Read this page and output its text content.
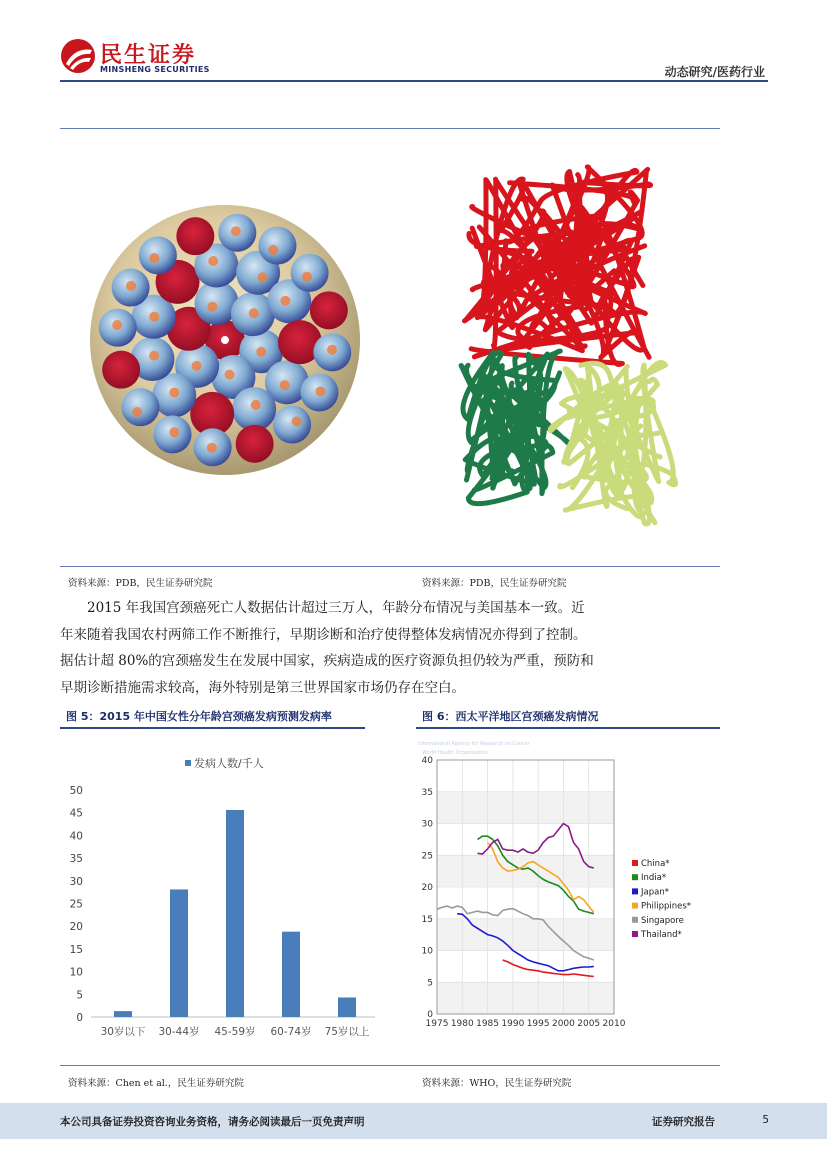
民生证券
MINSHENG SECURITIES	动态研究/医药行业
资料来源：PDB，民生证券研究院	资料来源：PDB，民生证券研究院
2015 年我国宫颈癌死亡人数据估计超过三万人，年龄分布情况与美国基本一致。近
年来随着我国农村两筛工作不断推行，早期诊断和治疗使得整体发病情况亦得到了控制。
据估计超 80%的宫颈癌发生在发展中国家，疾病造成的医疗资源负担仍较为严重，预防和
早期诊断措施需求较高，海外特别是第三世界国家市场仍存在空白。
图 5：2015 年中国女性分年龄宫颈癌发病预测发病率	图 6：西太平洋地区宫颈癌发病情况
发病人数/千人
0
5
10
15
20
25
30
35
40
45
50
30岁以下 30-44岁 45-59岁 60-74岁 75岁以上
International Agency for Research on Cancer
World Health Organization
0
5
10
15
20
25
30
35
40
1975 1980 1985 1990 1995 2000 2005 2010
China*
India*
Japan*
Philippines*
Singapore
Thailand*
资料来源：Chen et al.，民生证券研究院	资料来源：WHO，民生证券研究院
本公司具备证券投资咨询业务资格，请务必阅读最后一页免责声明	证券研究报告	5
